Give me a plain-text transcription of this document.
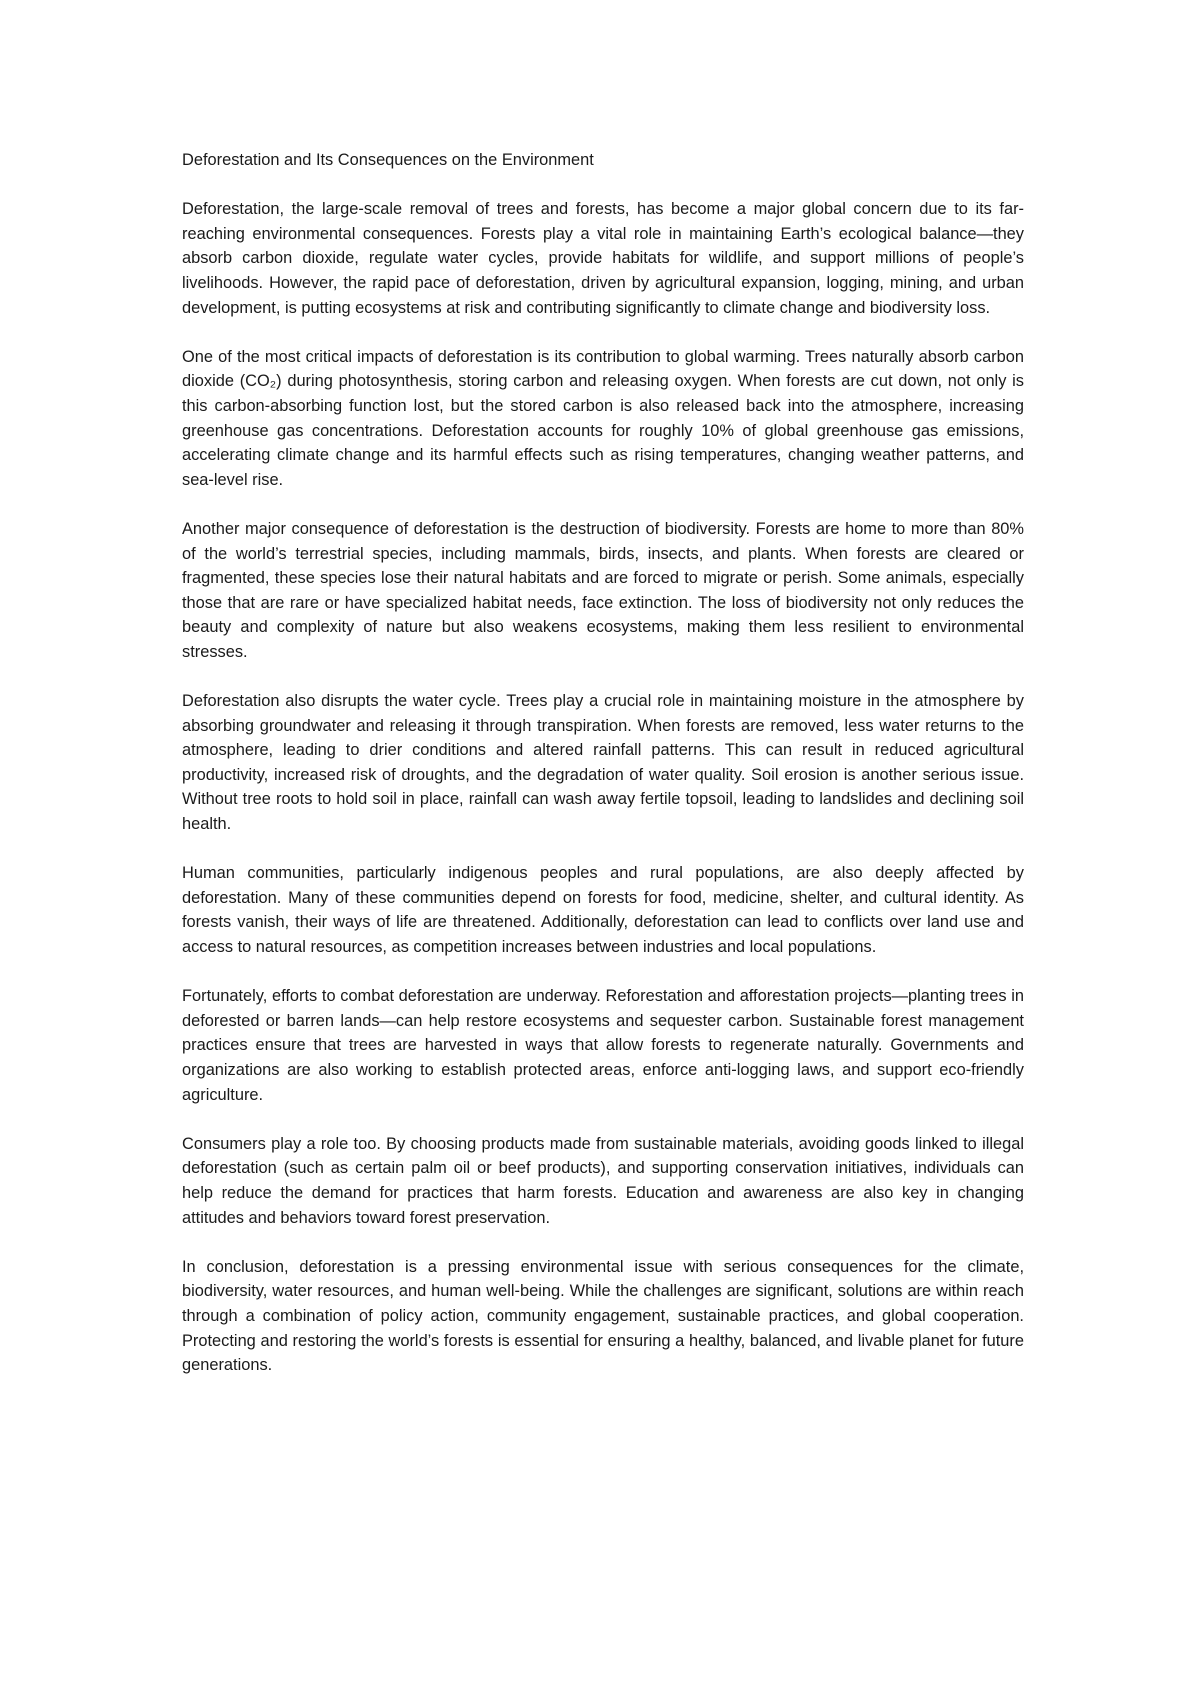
Deforestation and Its Consequences on the Environment

Deforestation, the large-scale removal of trees and forests, has become a major global concern due to its far-reaching environmental consequences. Forests play a vital role in maintaining Earth’s ecological balance—they absorb carbon dioxide, regulate water cycles, provide habitats for wildlife, and support millions of people’s livelihoods. However, the rapid pace of deforestation, driven by agricultural expansion, logging, mining, and urban development, is putting ecosystems at risk and contributing significantly to climate change and biodiversity loss.

One of the most critical impacts of deforestation is its contribution to global warming. Trees naturally absorb carbon dioxide (CO₂) during photosynthesis, storing carbon and releasing oxygen. When forests are cut down, not only is this carbon-absorbing function lost, but the stored carbon is also released back into the atmosphere, increasing greenhouse gas concentrations. Deforestation accounts for roughly 10% of global greenhouse gas emissions, accelerating climate change and its harmful effects such as rising temperatures, changing weather patterns, and sea-level rise.

Another major consequence of deforestation is the destruction of biodiversity. Forests are home to more than 80% of the world’s terrestrial species, including mammals, birds, insects, and plants. When forests are cleared or fragmented, these species lose their natural habitats and are forced to migrate or perish. Some animals, especially those that are rare or have specialized habitat needs, face extinction. The loss of biodiversity not only reduces the beauty and complexity of nature but also weakens ecosystems, making them less resilient to environmental stresses.

Deforestation also disrupts the water cycle. Trees play a crucial role in maintaining moisture in the atmosphere by absorbing groundwater and releasing it through transpiration. When forests are removed, less water returns to the atmosphere, leading to drier conditions and altered rainfall patterns. This can result in reduced agricultural productivity, increased risk of droughts, and the degradation of water quality. Soil erosion is another serious issue. Without tree roots to hold soil in place, rainfall can wash away fertile topsoil, leading to landslides and declining soil health.

Human communities, particularly indigenous peoples and rural populations, are also deeply affected by deforestation. Many of these communities depend on forests for food, medicine, shelter, and cultural identity. As forests vanish, their ways of life are threatened. Additionally, deforestation can lead to conflicts over land use and access to natural resources, as competition increases between industries and local populations.

Fortunately, efforts to combat deforestation are underway. Reforestation and afforestation projects—planting trees in deforested or barren lands—can help restore ecosystems and sequester carbon. Sustainable forest management practices ensure that trees are harvested in ways that allow forests to regenerate naturally. Governments and organizations are also working to establish protected areas, enforce anti-logging laws, and support eco-friendly agriculture.

Consumers play a role too. By choosing products made from sustainable materials, avoiding goods linked to illegal deforestation (such as certain palm oil or beef products), and supporting conservation initiatives, individuals can help reduce the demand for practices that harm forests. Education and awareness are also key in changing attitudes and behaviors toward forest preservation.

In conclusion, deforestation is a pressing environmental issue with serious consequences for the climate, biodiversity, water resources, and human well-being. While the challenges are significant, solutions are within reach through a combination of policy action, community engagement, sustainable practices, and global cooperation. Protecting and restoring the world’s forests is essential for ensuring a healthy, balanced, and livable planet for future generations.
